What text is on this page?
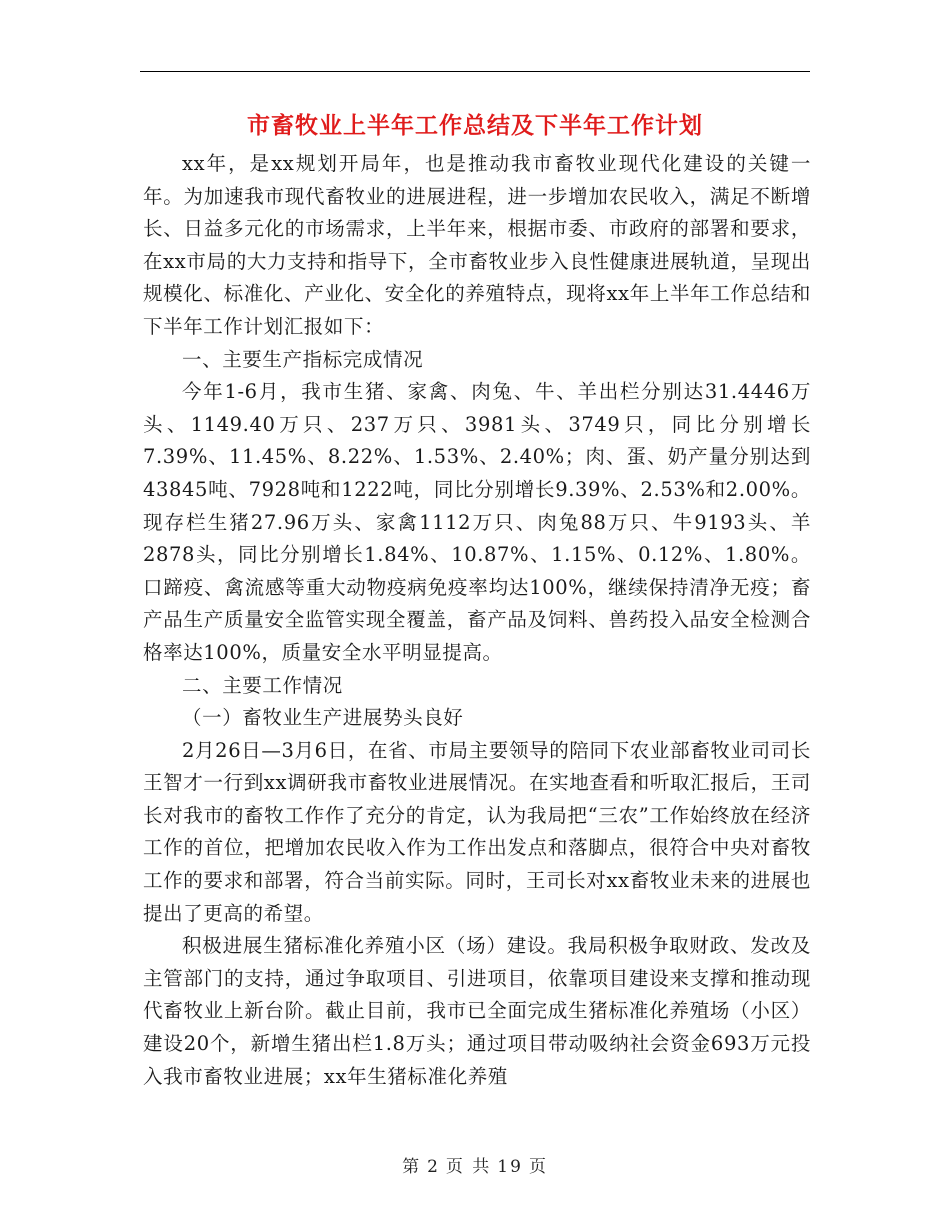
市畜牧业上半年工作总结及下半年工作计划

xx年，是xx规划开局年，也是推动我市畜牧业现代化建设的关键一年。为加速我市现代畜牧业的进展进程，进一步增加农民收入，满足不断增长、日益多元化的市场需求，上半年来，根据市委、市政府的部署和要求，在xx市局的大力支持和指导下，全市畜牧业步入良性健康进展轨道，呈现出规模化、标准化、产业化、安全化的养殖特点，现将xx年上半年工作总结和下半年工作计划汇报如下：

一、主要生产指标完成情况

今年1-6月，我市生猪、家禽、肉兔、牛、羊出栏分别达31.4446万头、1149.40万只、237万只、3981头、3749只，同比分别增长7.39%、11.45%、8.22%、1.53%、2.40%；肉、蛋、奶产量分别达到43845吨、7928吨和1222吨，同比分别增长9.39%、2.53%和2.00%。现存栏生猪27.96万头、家禽1112万只、肉兔88万只、牛9193头、羊2878头，同比分别增长1.84%、10.87%、1.15%、0.12%、1.80%。口蹄疫、禽流感等重大动物疫病免疫率均达100%，继续保持清净无疫；畜产品生产质量安全监管实现全覆盖，畜产品及饲料、兽药投入品安全检测合格率达100%，质量安全水平明显提高。

二、主要工作情况

（一）畜牧业生产进展势头良好

2月26日—3月6日，在省、市局主要领导的陪同下农业部畜牧业司司长王智才一行到xx调研我市畜牧业进展情况。在实地查看和听取汇报后，王司长对我市的畜牧工作作了充分的肯定，认为我局把“三农”工作始终放在经济工作的首位，把增加农民收入作为工作出发点和落脚点，很符合中央对畜牧工作的要求和部署，符合当前实际。同时，王司长对xx畜牧业未来的进展也提出了更高的希望。

积极进展生猪标准化养殖小区（场）建设。我局积极争取财政、发改及主管部门的支持，通过争取项目、引进项目，依靠项目建设来支撑和推动现代畜牧业上新台阶。截止目前，我市已全面完成生猪标准化养殖场（小区）建设20个，新增生猪出栏1.8万头；通过项目带动吸纳社会资金693万元投入我市畜牧业进展；xx年生猪标准化养殖

第 2 页 共 19 页
